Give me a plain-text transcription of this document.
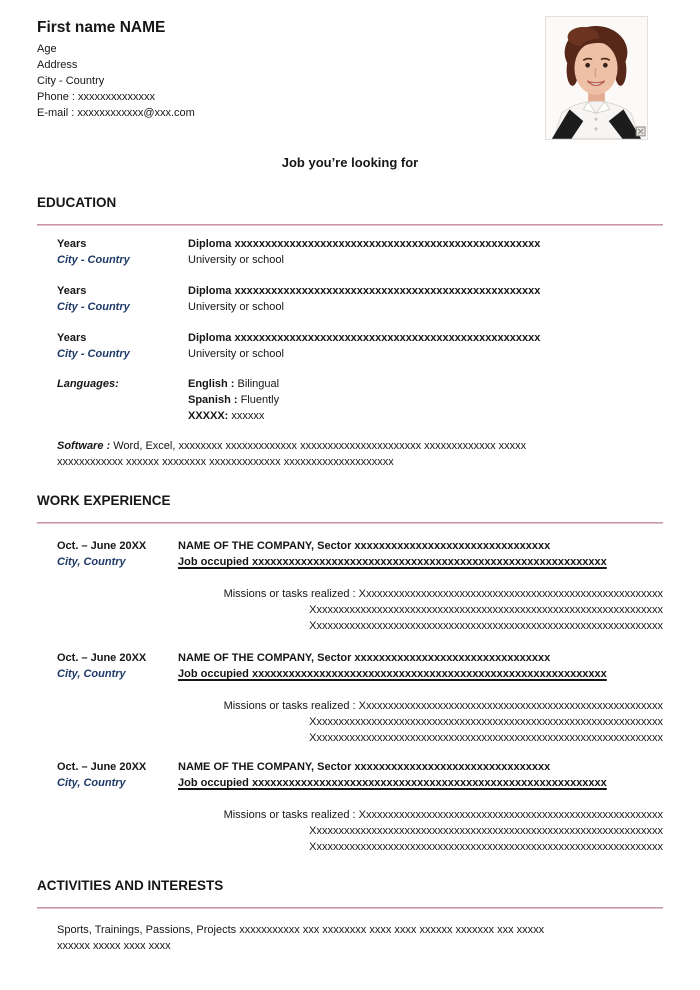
First name NAME
Age
Address
City - Country
Phone : xxxxxxxxxxxxxx
E-mail : xxxxxxxxxxxx@xxx.com
Job you’re looking for
EDUCATION
Years
City - Country
Diploma xxxxxxxxxxxxxxxxxxxxxxxxxxxxxxxxxxxxxxxxxxxxxxxxxx
University or school
Years
City - Country
Diploma xxxxxxxxxxxxxxxxxxxxxxxxxxxxxxxxxxxxxxxxxxxxxxxxxx
University or school
Years
City - Country
Diploma xxxxxxxxxxxxxxxxxxxxxxxxxxxxxxxxxxxxxxxxxxxxxxxxxx
University or school
Languages:	English : Bilingual
Spanish : Fluently
XXXXX: xxxxxx

Software : Word, Excel, xxxxxxxx xxxxxxxxxxxxx xxxxxxxxxxxxxxxxxxxxxx xxxxxxxxxxxxx xxxxx
xxxxxxxxxxxx xxxxxx xxxxxxxx xxxxxxxxxxxxx xxxxxxxxxxxxxxxxxxxx

WORK EXPERIENCE
Oct. – June 20XX
City, Country
NAME OF THE COMPANY, Sector xxxxxxxxxxxxxxxxxxxxxxxxxxxxxxxx
Job occupied xxxxxxxxxxxxxxxxxxxxxxxxxxxxxxxxxxxxxxxxxxxxxxxxxxxxxxxxxx
Missions or tasks realized : Xxxxxxxxxxxxxxxxxxxxxxxxxxxxxxxxxxxxxxxxxxxxxxxxxxxxxxx
Xxxxxxxxxxxxxxxxxxxxxxxxxxxxxxxxxxxxxxxxxxxxxxxxxxxxxxxxxxxxxxxx
Xxxxxxxxxxxxxxxxxxxxxxxxxxxxxxxxxxxxxxxxxxxxxxxxxxxxxxxxxxxxxxxx
Oct. – June 20XX
City, Country
NAME OF THE COMPANY, Sector xxxxxxxxxxxxxxxxxxxxxxxxxxxxxxxx
Job occupied xxxxxxxxxxxxxxxxxxxxxxxxxxxxxxxxxxxxxxxxxxxxxxxxxxxxxxxxxx
Missions or tasks realized : Xxxxxxxxxxxxxxxxxxxxxxxxxxxxxxxxxxxxxxxxxxxxxxxxxxxxxxx
Xxxxxxxxxxxxxxxxxxxxxxxxxxxxxxxxxxxxxxxxxxxxxxxxxxxxxxxxxxxxxxxx
Xxxxxxxxxxxxxxxxxxxxxxxxxxxxxxxxxxxxxxxxxxxxxxxxxxxxxxxxxxxxxxxx
Oct. – June 20XX
City, Country
NAME OF THE COMPANY, Sector xxxxxxxxxxxxxxxxxxxxxxxxxxxxxxxx
Job occupied xxxxxxxxxxxxxxxxxxxxxxxxxxxxxxxxxxxxxxxxxxxxxxxxxxxxxxxxxx
Missions or tasks realized : Xxxxxxxxxxxxxxxxxxxxxxxxxxxxxxxxxxxxxxxxxxxxxxxxxxxxxxx
Xxxxxxxxxxxxxxxxxxxxxxxxxxxxxxxxxxxxxxxxxxxxxxxxxxxxxxxxxxxxxxxx
Xxxxxxxxxxxxxxxxxxxxxxxxxxxxxxxxxxxxxxxxxxxxxxxxxxxxxxxxxxxxxxxx
ACTIVITIES AND INTERESTS

Sports, Trainings, Passions, Projects xxxxxxxxxxx xxx xxxxxxxx xxxx xxxx xxxxxx xxxxxxx xxx xxxxx
xxxxxx xxxxx xxxx xxxx
